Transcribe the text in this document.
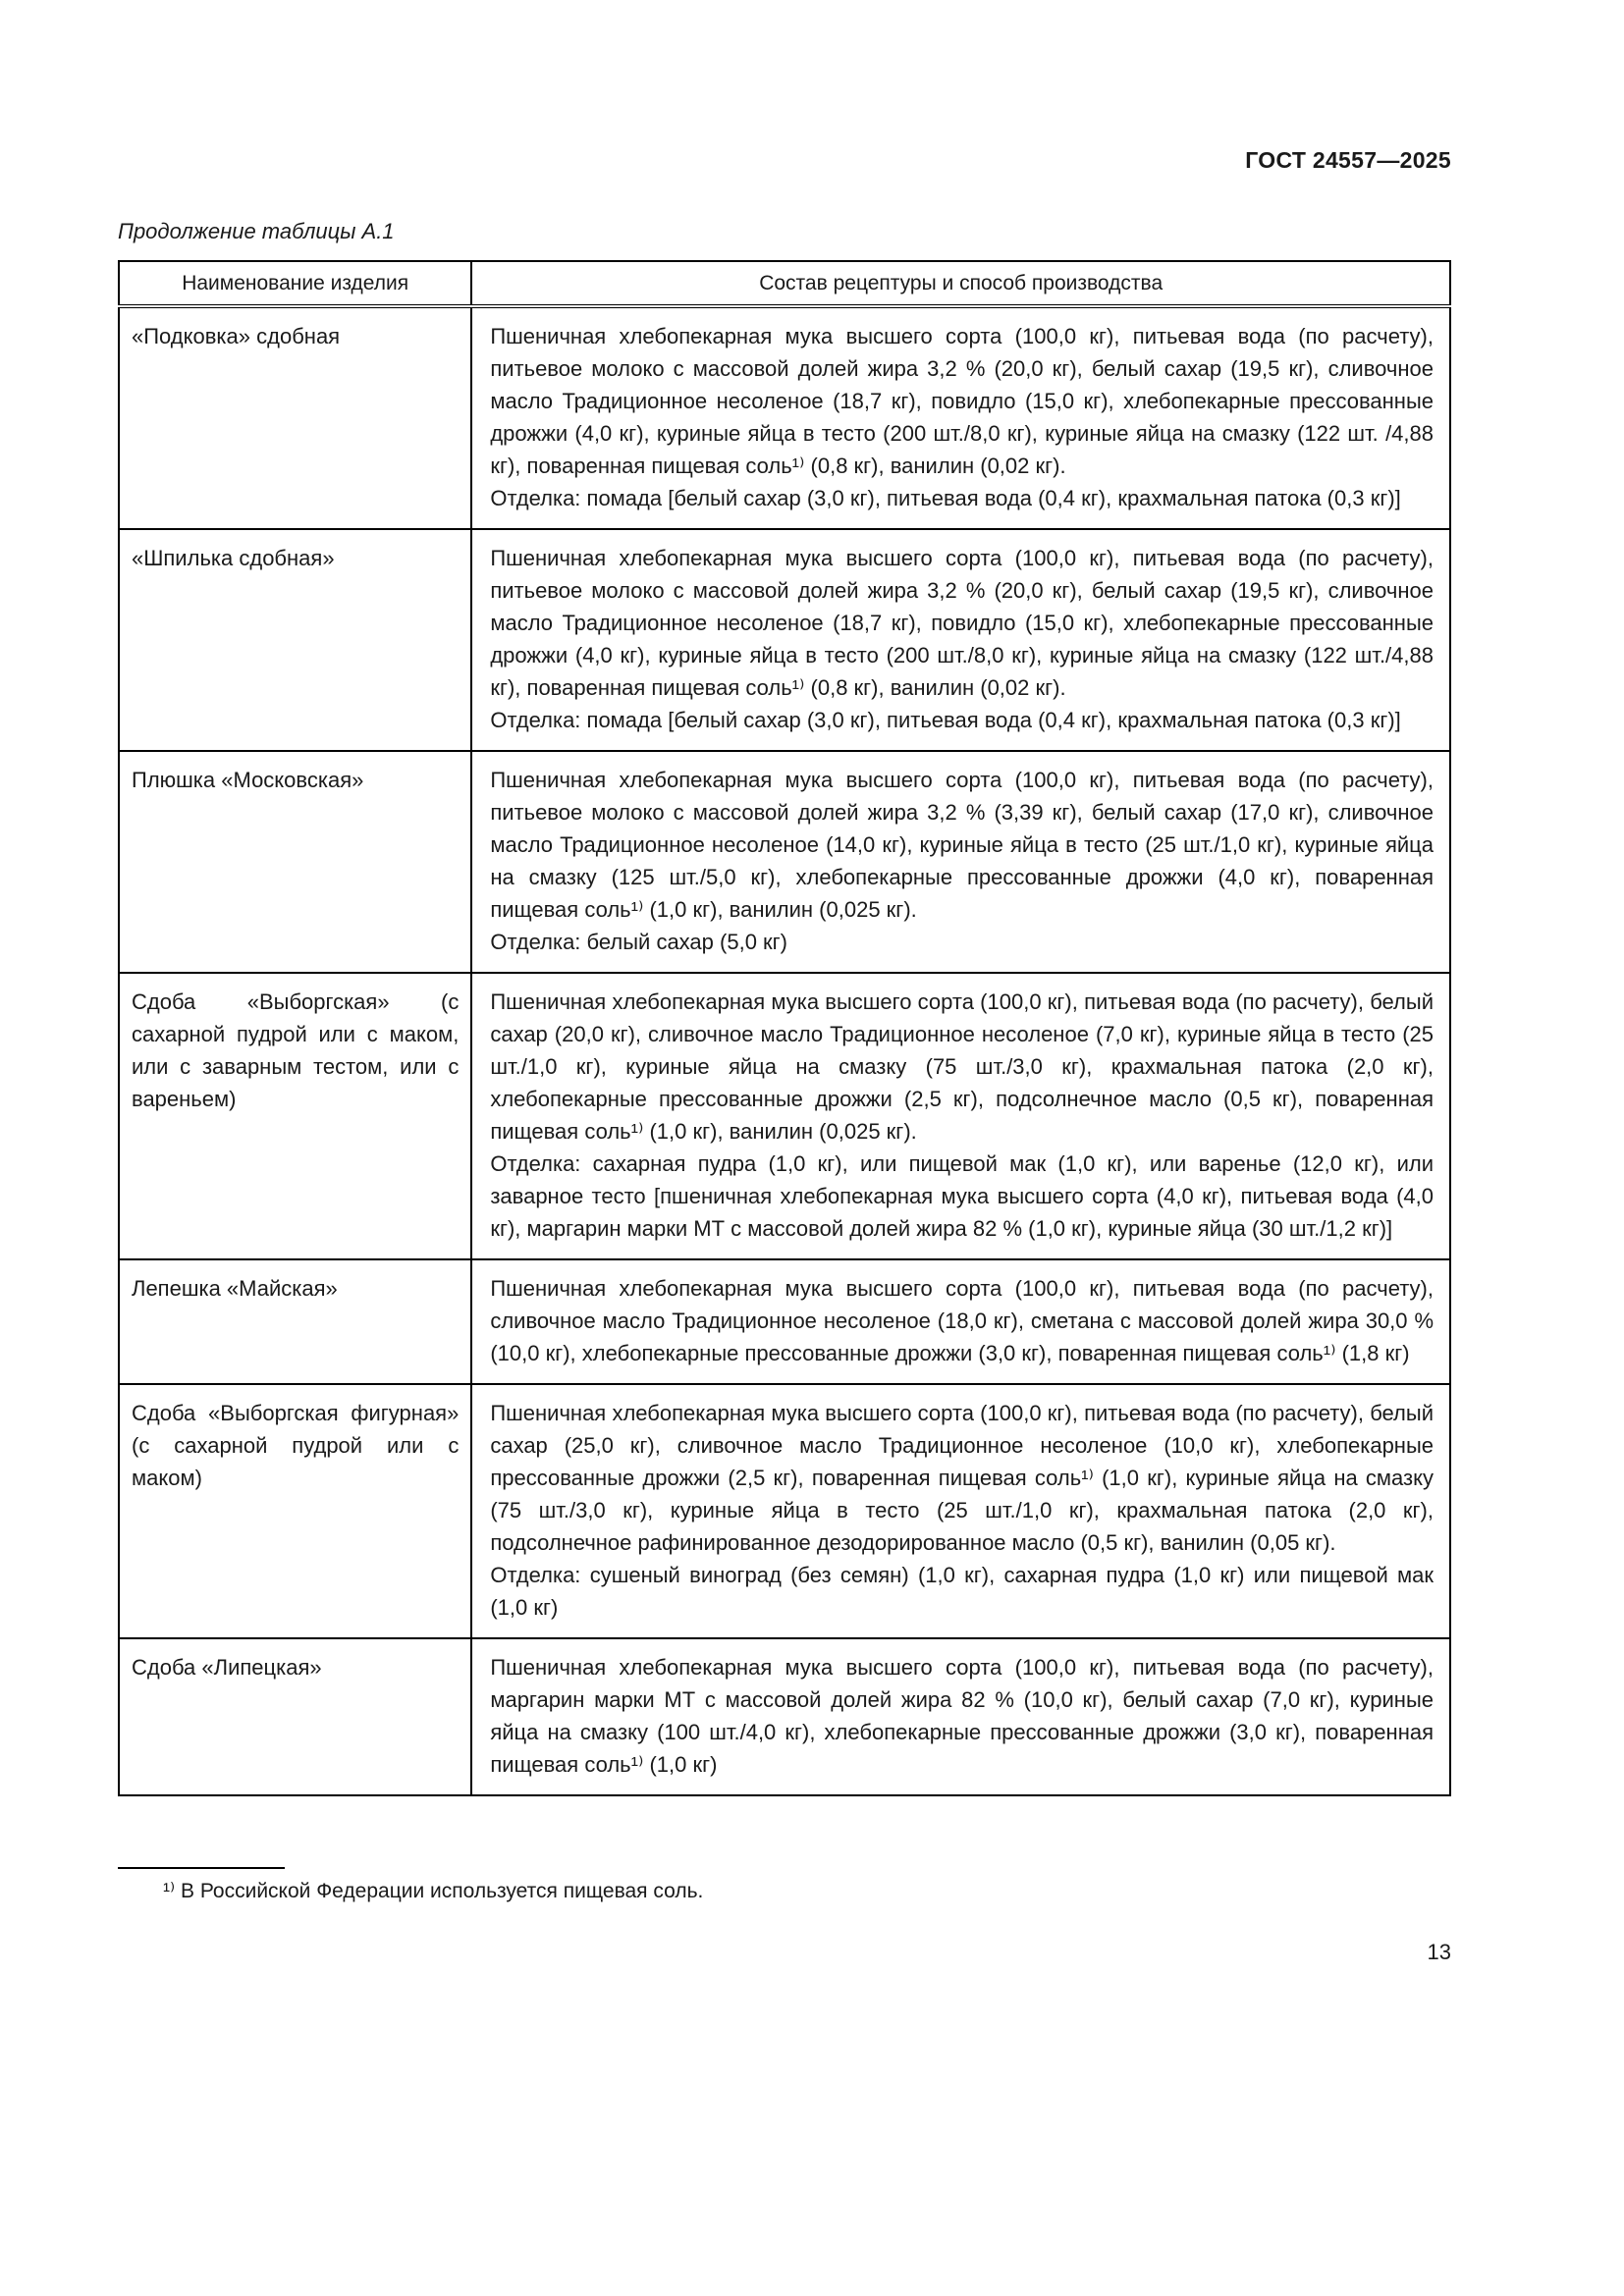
ГОСТ 24557—2025
Продолжение таблицы А.1
Наименование изделия	Состав рецептуры и способ производства
«Подковка» сдобная	Пшеничная хлебопекарная мука высшего сорта (100,0 кг), питьевая вода (по расчету), питьевое молоко с массовой долей жира 3,2 % (20,0 кг), белый сахар (19,5 кг), сливочное масло Традиционное несоленое (18,7 кг), повидло (15,0 кг), хлебопекарные прессованные дрожжи (4,0 кг), куриные яйца в тесто (200 шт./8,0 кг), куриные яйца на смазку (122 шт. /4,88 кг), поваренная пищевая соль¹⁾ (0,8 кг), ванилин (0,02 кг).

Отделка: помада [белый сахар (3,0 кг), питьевая вода (0,4 кг), крахмальная патока (0,3 кг)]

«Шпилька сдобная»	Пшеничная хлебопекарная мука высшего сорта (100,0 кг), питьевая вода (по расчету), питьевое молоко с массовой долей жира 3,2 % (20,0 кг), белый сахар (19,5 кг), сливочное масло Традиционное несоленое (18,7 кг), повидло (15,0 кг), хлебопекарные прессованные дрожжи (4,0 кг), куриные яйца в тесто (200 шт./8,0 кг), куриные яйца на смазку (122 шт./4,88 кг), поваренная пищевая соль¹⁾ (0,8 кг), ванилин (0,02 кг).

Отделка: помада [белый сахар (3,0 кг), питьевая вода (0,4 кг), крахмальная патока (0,3 кг)]

Плюшка «Московская»	Пшеничная хлебопекарная мука высшего сорта (100,0 кг), питьевая вода (по расчету), питьевое молоко с массовой долей жира 3,2 % (3,39 кг), белый сахар (17,0 кг), сливочное масло Традиционное несоленое (14,0 кг), куриные яйца в тесто (25 шт./1,0 кг), куриные яйца на смазку (125 шт./5,0 кг), хлебопекарные прессованные дрожжи (4,0 кг), поваренная пищевая соль¹⁾ (1,0 кг), ванилин (0,025 кг).

Отделка: белый сахар (5,0 кг)

Сдоба «Выборгская» (с сахарной пудрой или с маком, или с заварным тестом, или с вареньем)	Пшеничная хлебопекарная мука высшего сорта (100,0 кг), питьевая вода (по расчету), белый сахар (20,0 кг), сливочное масло Традиционное несоленое (7,0 кг), куриные яйца в тесто (25 шт./1,0 кг), куриные яйца на смазку (75 шт./3,0 кг), крахмальная патока (2,0 кг), хлебопекарные прессованные дрожжи (2,5 кг), подсолнечное масло (0,5 кг), поваренная пищевая соль¹⁾ (1,0 кг), ванилин (0,025 кг).

Отделка: сахарная пудра (1,0 кг), или пищевой мак (1,0 кг), или варенье (12,0 кг), или заварное тесто [пшеничная хлебопекарная мука высшего сорта (4,0 кг), питьевая вода (4,0 кг), маргарин марки МТ с массовой долей жира 82 % (1,0 кг), куриные яйца (30 шт./1,2 кг)]

Лепешка «Майская»	Пшеничная хлебопекарная мука высшего сорта (100,0 кг), питьевая вода (по расчету), сливочное масло Традиционное несоленое (18,0 кг), сметана с массовой долей жира 30,0 % (10,0 кг), хлебопекарные прессованные дрожжи (3,0 кг), поваренная пищевая соль¹⁾ (1,8 кг)

Сдоба «Выборгская фигурная» (с сахарной пудрой или с маком)	Пшеничная хлебопекарная мука высшего сорта (100,0 кг), питьевая вода (по расчету), белый сахар (25,0 кг), сливочное масло Традиционное несоленое (10,0 кг), хлебопекарные прессованные дрожжи (2,5 кг), поваренная пищевая соль¹⁾ (1,0 кг), куриные яйца на смазку (75 шт./3,0 кг), куриные яйца в тесто (25 шт./1,0 кг), крахмальная патока (2,0 кг), подсолнечное рафинированное дезодорированное масло (0,5 кг), ванилин (0,05 кг).

Отделка: сушеный виноград (без семян) (1,0 кг), сахарная пудра (1,0 кг) или пищевой мак (1,0 кг)

Сдоба «Липецкая»	Пшеничная хлебопекарная мука высшего сорта (100,0 кг), питьевая вода (по расчету), маргарин марки МТ с массовой долей жира 82 % (10,0 кг), белый сахар (7,0 кг), куриные яйца на смазку (100 шт./4,0 кг), хлебопекарные прессованные дрожжи (3,0 кг), поваренная пищевая соль¹⁾ (1,0 кг)

¹⁾ В Российской Федерации используется пищевая соль.

13
